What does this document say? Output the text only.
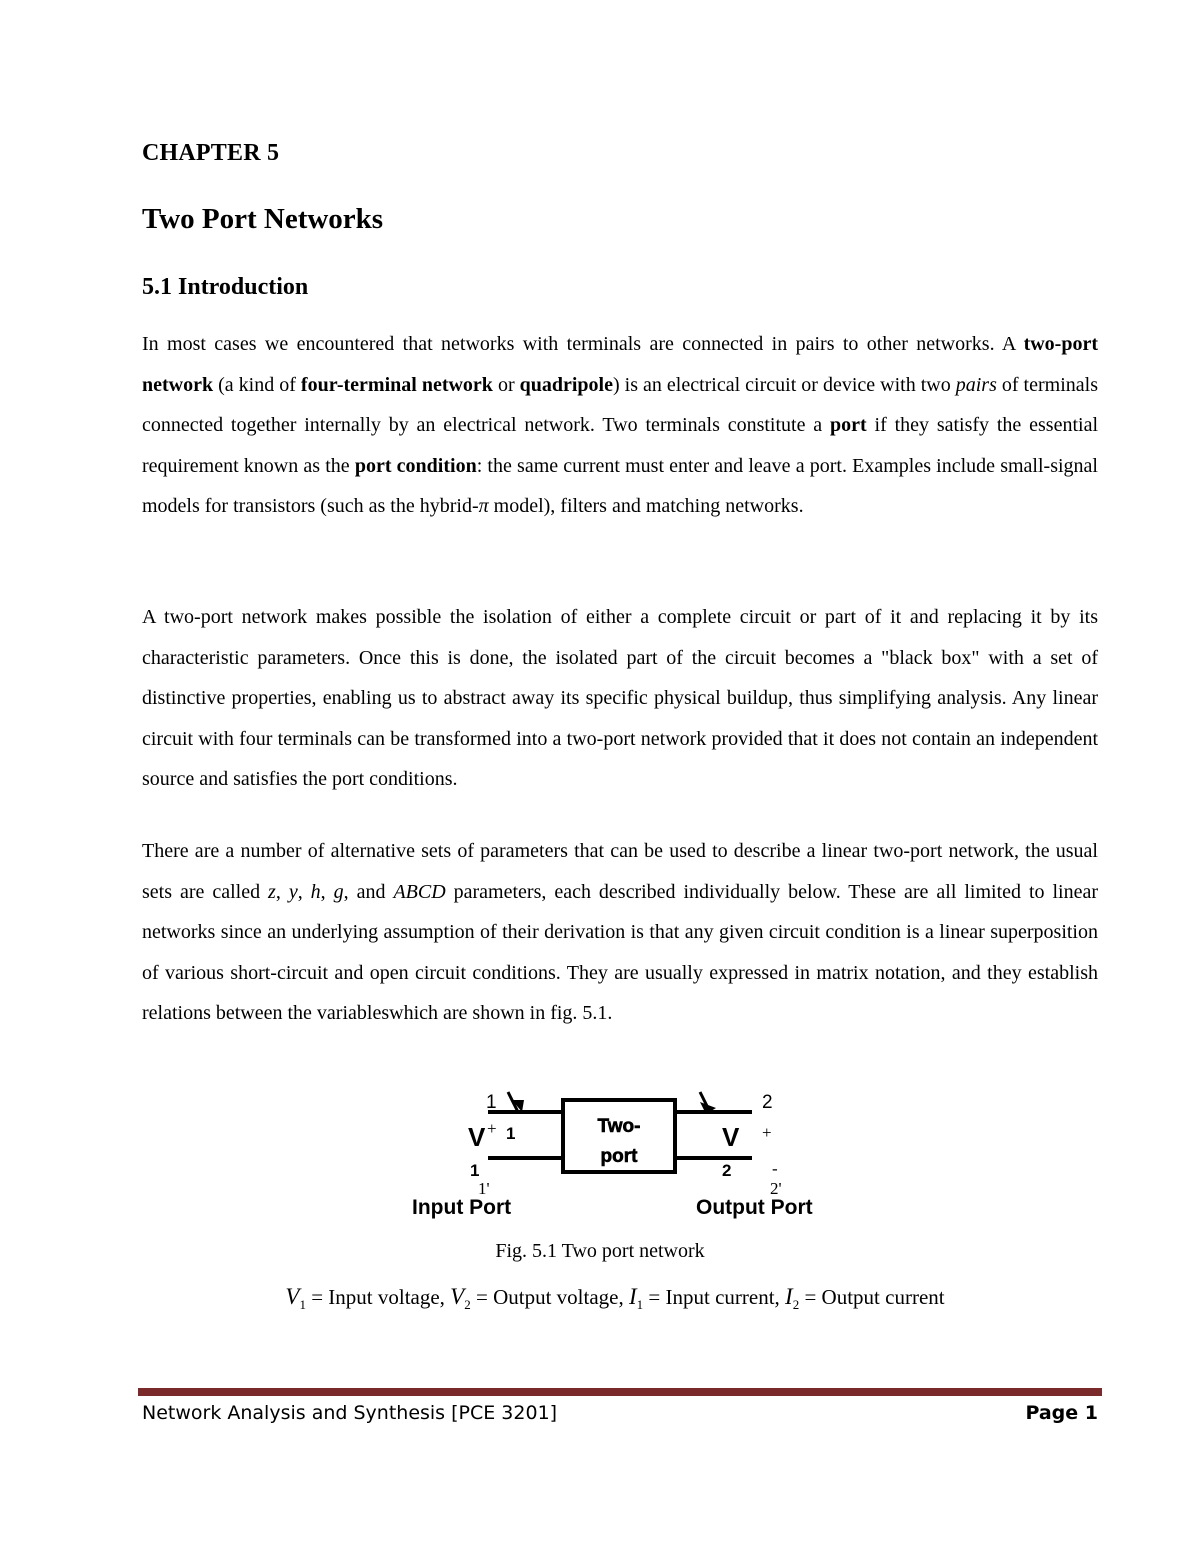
CHAPTER 5
Two Port Networks
5.1 Introduction
In most cases we encountered that networks with terminals are connected in pairs to other networks. A two-port network (a kind of four-terminal network or quadripole) is an electrical circuit or device with two pairs of terminals connected together internally by an electrical network. Two terminals constitute a port if they satisfy the essential requirement known as the port condition: the same current must enter and leave a port. Examples include small-signal models for transistors (such as the hybrid-π model), filters and matching networks.
A two-port network makes possible the isolation of either a complete circuit or part of it and replacing it by its characteristic parameters. Once this is done, the isolated part of the circuit becomes a "black box" with a set of distinctive properties, enabling us to abstract away its specific physical buildup, thus simplifying analysis. Any linear circuit with four terminals can be transformed into a two-port network provided that it does not contain an independent source and satisfies the port conditions.
There are a number of alternative sets of parameters that can be used to describe a linear two-port network, the usual sets are called z, y, h, g, and ABCD parameters, each described individually below. These are all limited to linear networks since an underlying assumption of their derivation is that any given circuit condition is a linear superposition of various short-circuit and open circuit conditions. They are usually expressed in matrix notation, and they establish relations between the variableswhich are shown in fig. 5.1.
Two-
port
1
1
V +
1
1'
Input Port
2
V +
2 -
2'
Output Port
Fig. 5.1 Two port network
$V_1$ = Input voltage, $V_2$ = Output voltage, $I_1$ = Input current, $I_2$ = Output current
Network Analysis and Synthesis [PCE 3201]	Page 1
